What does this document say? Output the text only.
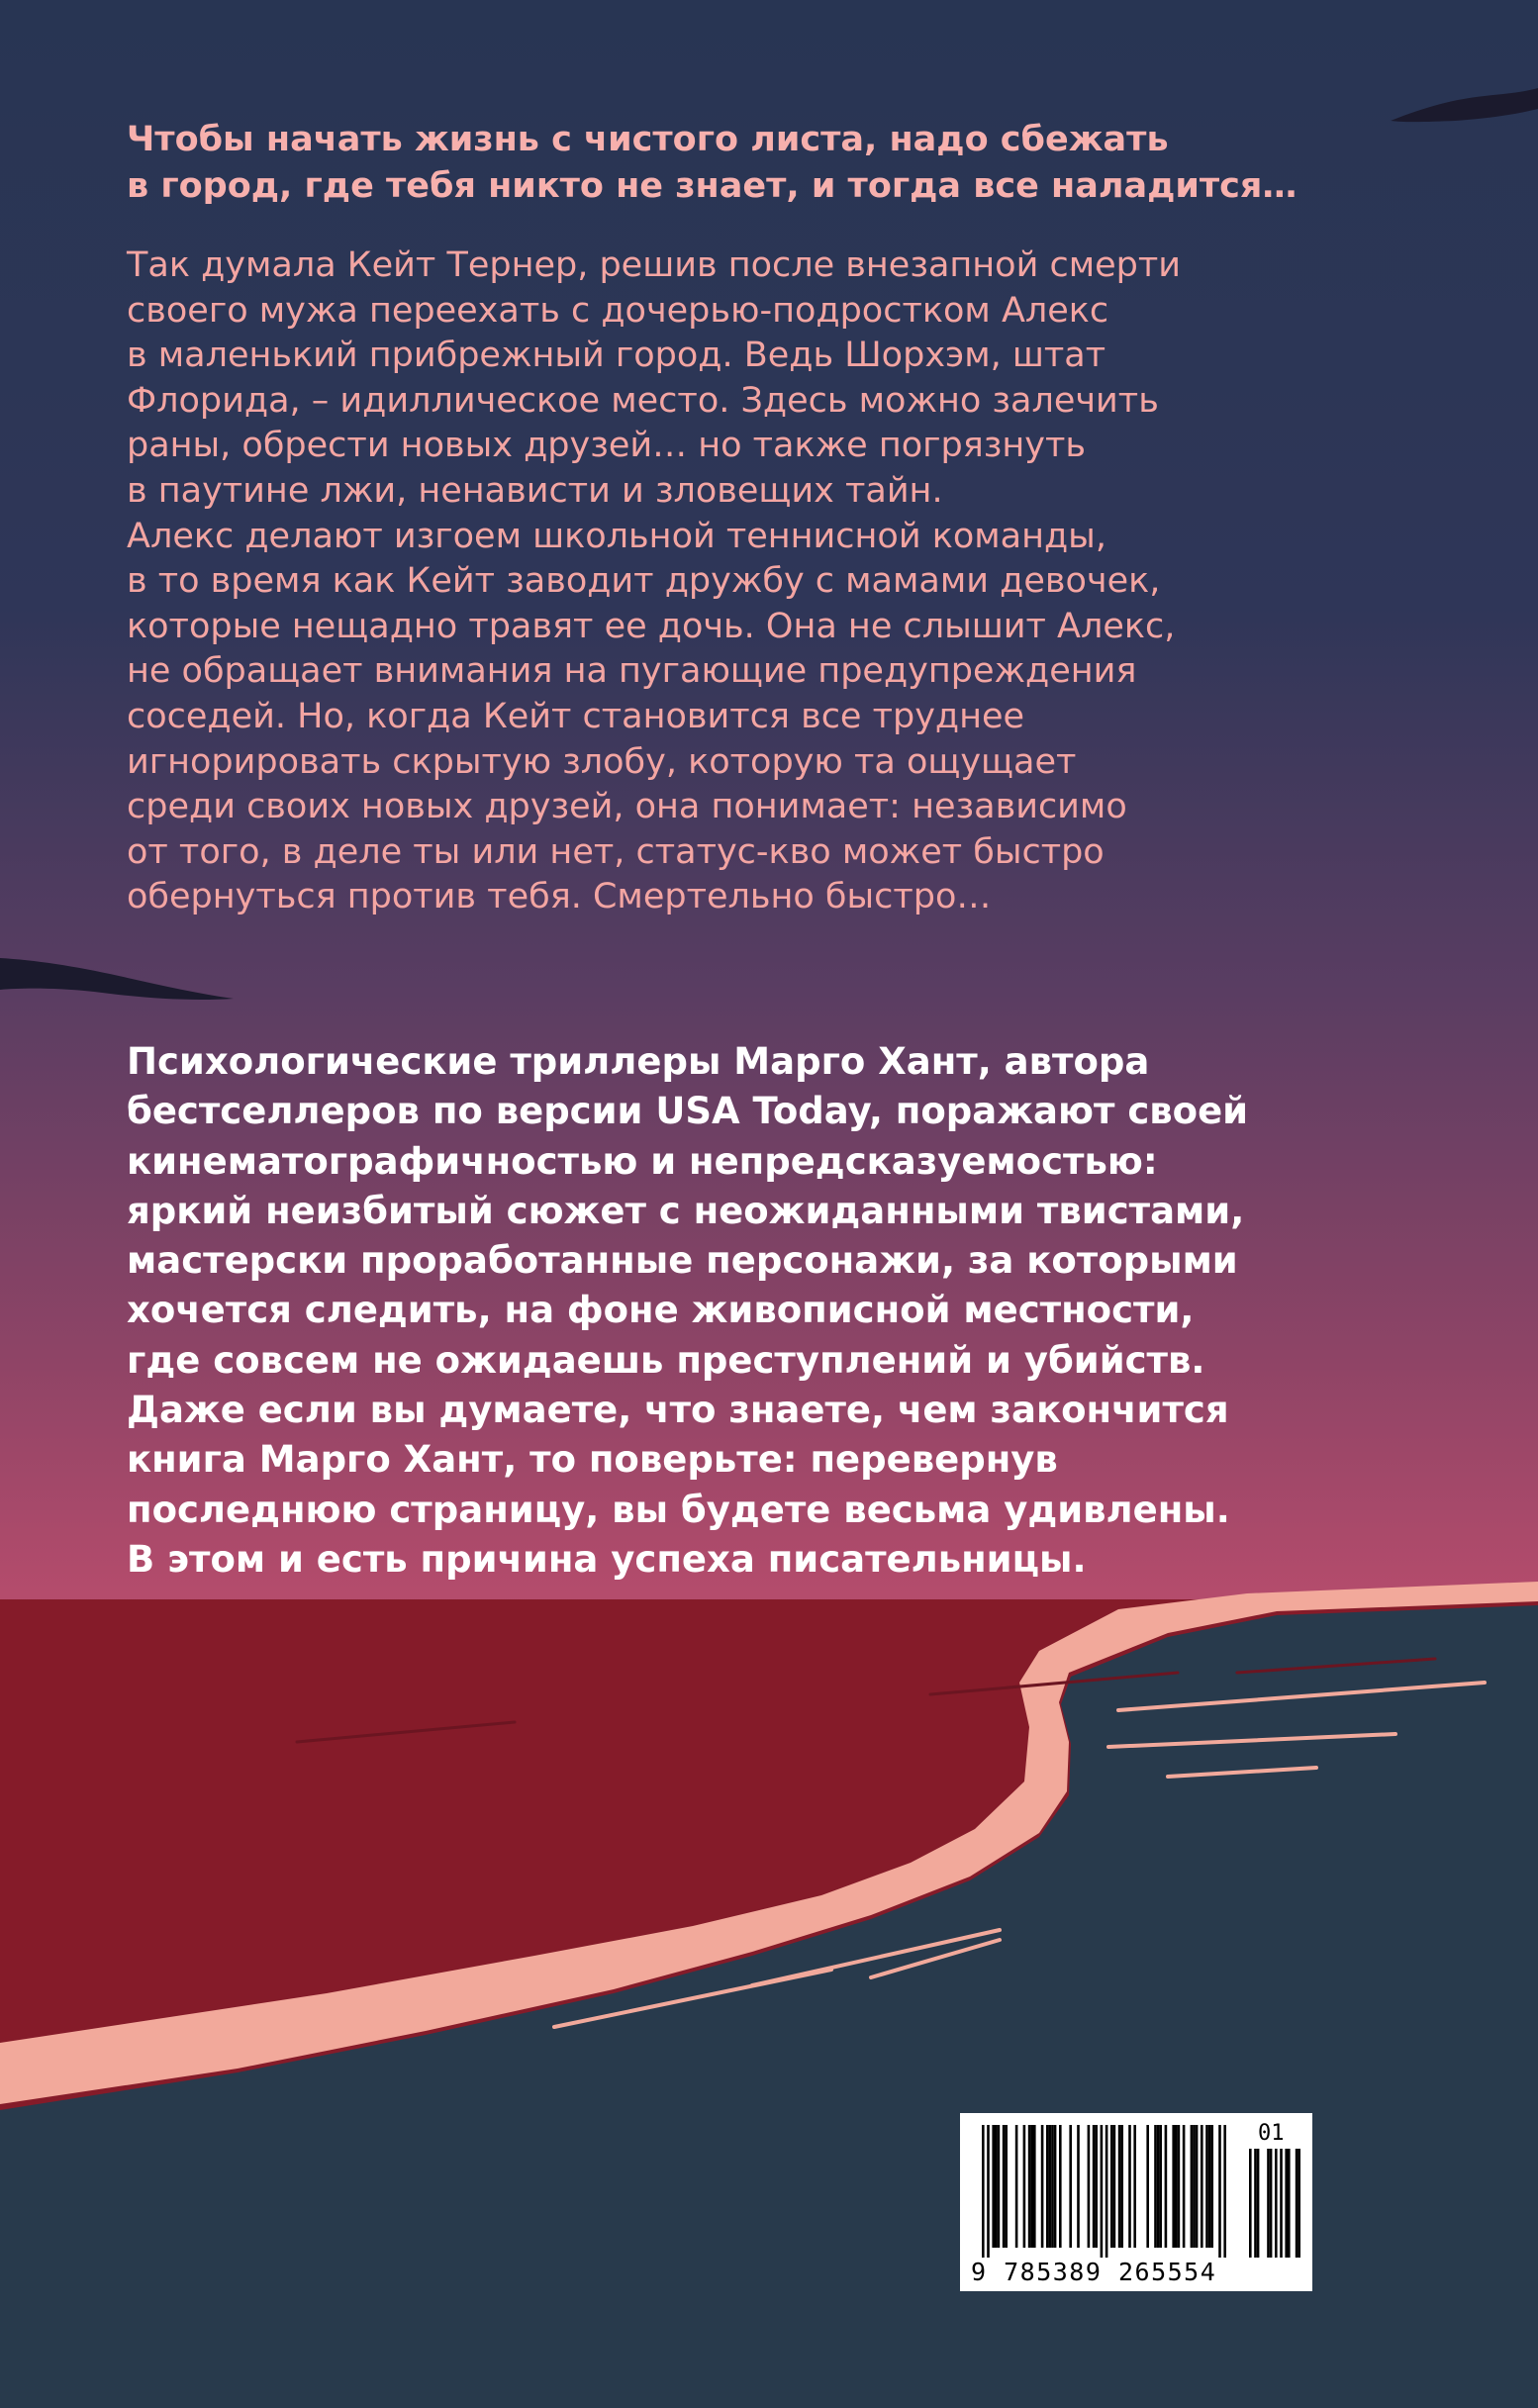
Чтобы начать жизнь с чистого листа, надо сбежать
в город, где тебя никто не знает, и тогда все наладится…

Так думала Кейт Тернер, решив после внезапной смерти
своего мужа переехать с дочерью-подростком Алекс
в маленький прибрежный город. Ведь Шорхэм, штат
Флорида, – идиллическое место. Здесь можно залечить
раны, обрести новых друзей… но также погрязнуть
в паутине лжи, ненависти и зловещих тайн.
Алекс делают изгоем школьной теннисной команды,
в то время как Кейт заводит дружбу с мамами девочек,
которые нещадно травят ее дочь. Она не слышит Алекс,
не обращает внимания на пугающие предупреждения
соседей. Но, когда Кейт становится все труднее
игнорировать скрытую злобу, которую та ощущает
среди своих новых друзей, она понимает: независимо
от того, в деле ты или нет, статус-кво может быстро
обернуться против тебя. Смертельно быстро…

Психологические триллеры Марго Хант, автора
бестселлеров по версии USA Today, поражают своей
кинематографичностью и непредсказуемостью:
яркий неизбитый сюжет с неожиданными твистами,
мастерски проработанные персонажи, за которыми
хочется следить, на фоне живописной местности,
где совсем не ожидаешь преступлений и убийств.
Даже если вы думаете, что знаете, чем закончится
книга Марго Хант, то поверьте: перевернув
последнюю страницу, вы будете весьма удивлены.
В этом и есть причина успеха писательницы.

9 785389 265554
01
